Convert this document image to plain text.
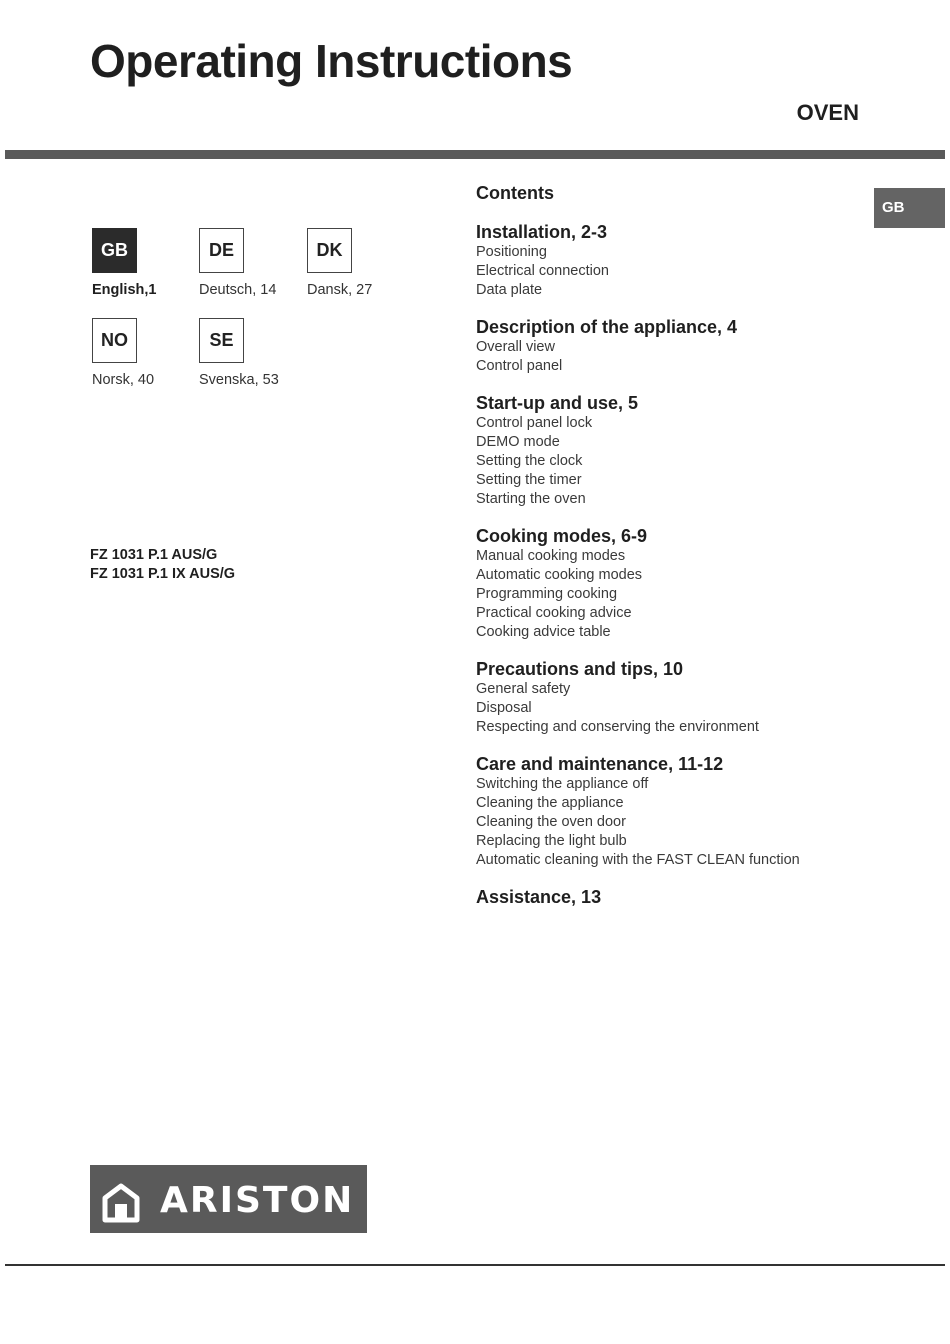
Operating Instructions
OVEN
GB
GB
English,1
DE
Deutsch, 14
DK
Dansk, 27
NO
Norsk, 40
SE
Svenska, 53
FZ 1031 P.1 AUS/G
FZ 1031 P.1 IX AUS/G
Contents
Installation, 2-3
Positioning
Electrical connection
Data plate
Description of the appliance, 4
Overall view
Control panel
Start-up and use, 5
Control panel lock
DEMO mode
Setting the clock
Setting the timer
Starting the oven
Cooking modes, 6-9
Manual cooking modes
Automatic cooking modes
Programming cooking
Practical cooking advice
Cooking advice table
Precautions and tips, 10
General safety
Disposal
Respecting and conserving the environment
Care and maintenance, 11-12
Switching the appliance off
Cleaning the appliance
Cleaning the oven door
Replacing the light bulb
Automatic cleaning with the FAST CLEAN function
Assistance, 13
ARISTON
